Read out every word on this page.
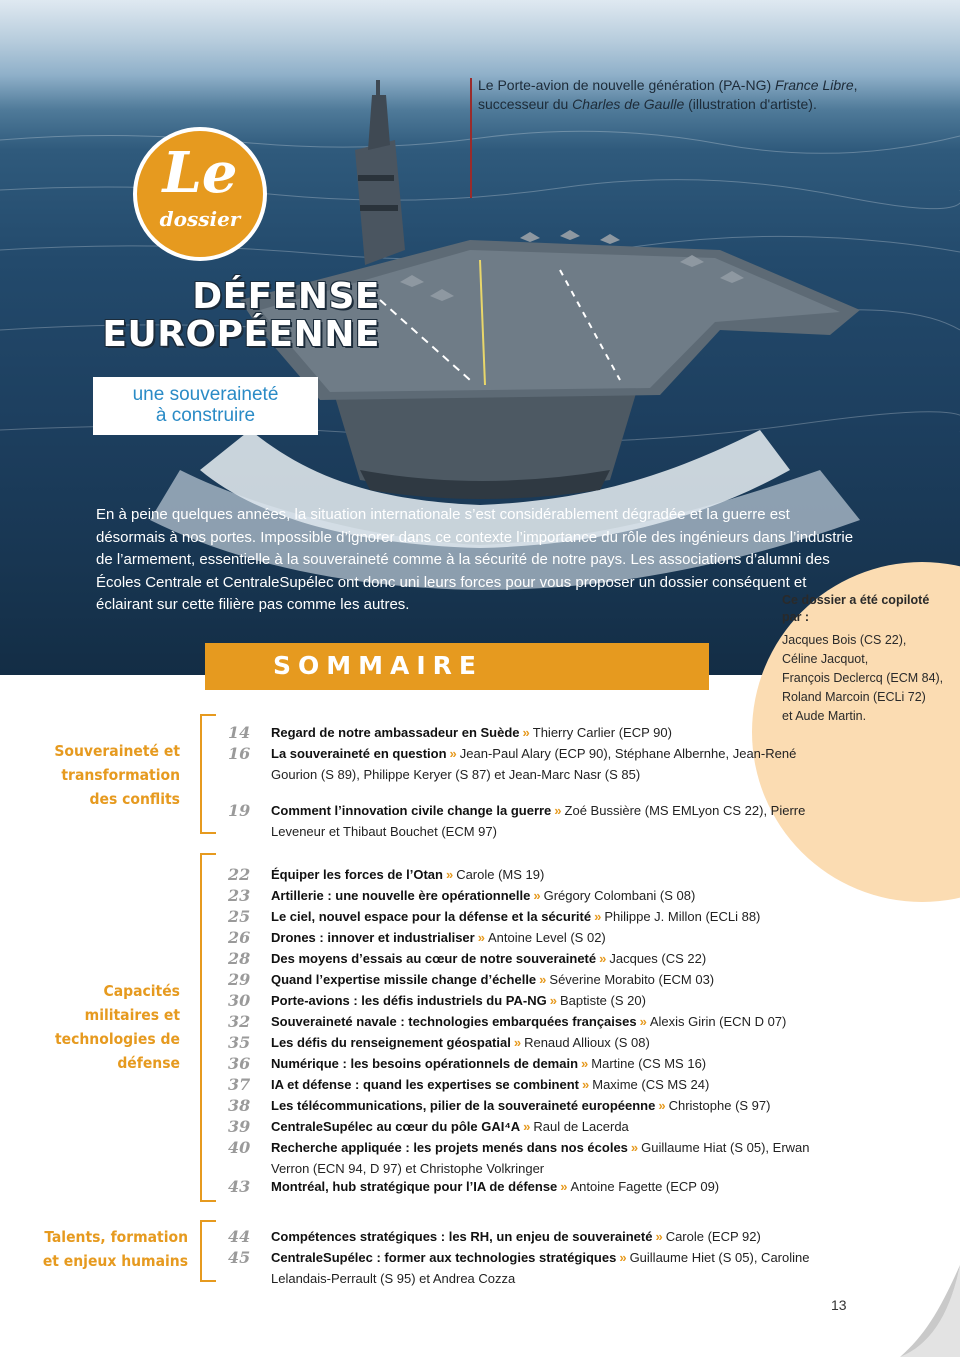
Le Porte-avion de nouvelle génération (PA-NG) France Libre, successeur du Charles de Gaulle (illustration d'artiste).
Le
dossier
DÉFENSE
EUROPÉENNE
une souveraineté
à construire
En à peine quelques années, la situation internationale s’est considérablement dégradée et la guerre est désormais à nos portes. Impossible d’ignorer dans ce contexte l’importance du rôle des ingénieurs dans l’industrie de l’armement, essentielle à la souveraineté comme à la sécurité de notre pays. Les associations d’alumni des Écoles Centrale et CentraleSupélec ont donc uni leurs forces pour vous proposer un dossier conséquent et éclairant sur cette filière pas comme les autres.	Ce dossier a été copiloté par :
Jacques Bois (CS 22),
Céline Jacquot,
François Declercq (ECM 84),
Roland Marcoin (ECLi 72)
et Aude Martin.
SOMMAIRE
Souveraineté et
transformation
des conflits
Capacités
militaires et
technologies de
défense
Talents, formation
et enjeux humains
14	Regard de notre ambassadeur en Suède » Thierry Carlier (ECP 90)
16	La souveraineté en question » Jean-Paul Alary (ECP 90), Stéphane Albernhe, Jean-René Gourion (S 89), Philippe Keryer (S 87) et Jean-Marc Nasr (S 85)
19	Comment l’innovation civile change la guerre » Zoé Bussière (MS EMLyon CS 22), Pierre Leveneur et Thibaut Bouchet (ECM 97)
22	Équiper les forces de l’Otan » Carole (MS 19)
23	Artillerie : une nouvelle ère opérationnelle » Grégory Colombani (S 08)
25	Le ciel, nouvel espace pour la défense et la sécurité » Philippe J. Millon (ECLi 88)
26	Drones : innover et industrialiser » Antoine Level (S 02)
28	Des moyens d’essais au cœur de notre souveraineté » Jacques (CS 22)
29	Quand l’expertise missile change d’échelle » Séverine Morabito (ECM 03)
30	Porte-avions : les défis industriels du PA-NG » Baptiste (S 20)
32	Souveraineté navale : technologies embarquées françaises » Alexis Girin (ECN D 07)
35	Les défis du renseignement géospatial » Renaud Allioux (S 08)
36	Numérique : les besoins opérationnels de demain » Martine (CS MS 16)
37	IA et défense : quand les expertises se combinent » Maxime (CS MS 24)
38	Les télécommunications, pilier de la souveraineté européenne » Christophe (S 97)
39	CentraleSupélec au cœur du pôle GAI⁴A » Raul de Lacerda
40	Recherche appliquée : les projets menés dans nos écoles » Guillaume Hiat (S 05), Erwan Verron (ECN 94, D 97) et Christophe Volkringer
43	Montréal, hub stratégique pour l’IA de défense » Antoine Fagette (ECP 09)
44	Compétences stratégiques : les RH, un enjeu de souveraineté » Carole (ECP 92)
45	CentraleSupélec : former aux technologies stratégiques » Guillaume Hiet (S 05), Caroline Lelandais-Perrault (S 95) et Andrea Cozza
13
